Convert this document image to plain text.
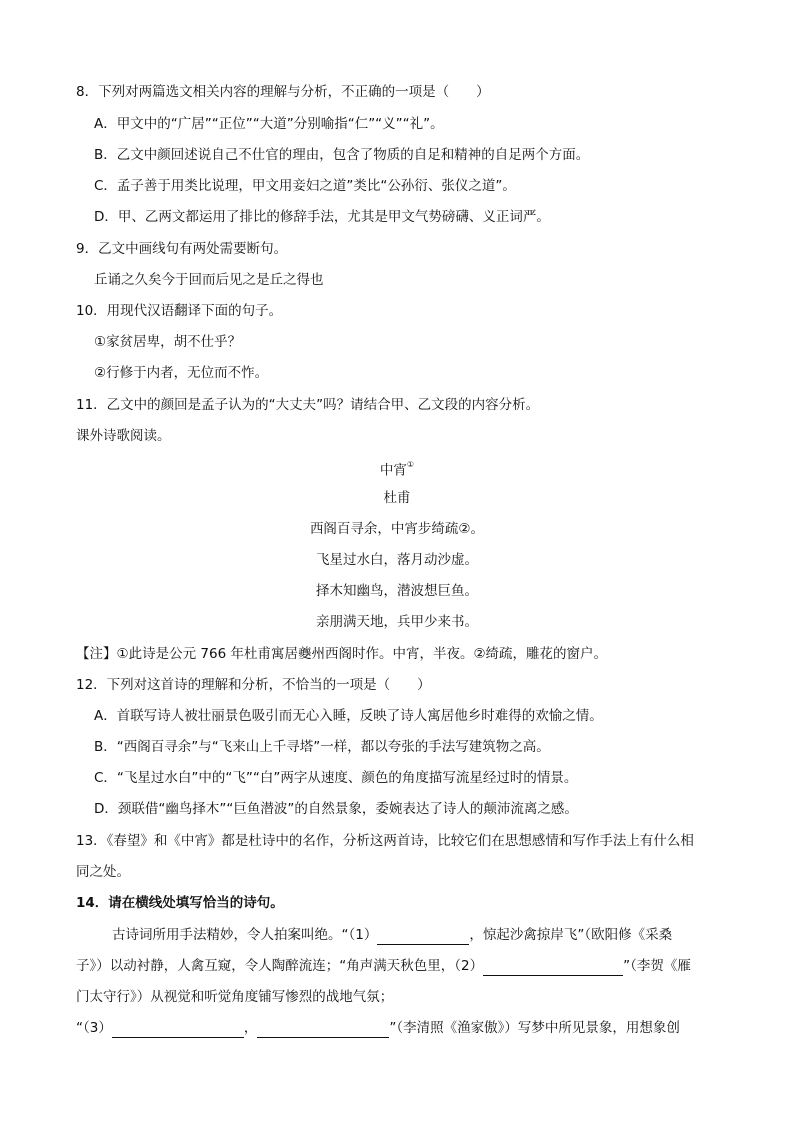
8．下列对两篇选文相关内容的理解与分析，不正确的一项是（　　）
A．甲文中的“广居”“正位”“大道”分别喻指“仁”“义”“礼”。
B．乙文中颜回述说自己不仕官的理由，包含了物质的自足和精神的自足两个方面。
C．孟子善于用类比说理，甲文用妾妇之道”类比“公孙衍、张仪之道”。
D．甲、乙两文都运用了排比的修辞手法，尤其是甲文气势磅礴、义正词严。
9．乙文中画线句有两处需要断句。
丘诵之久矣今于回而后见之是丘之得也
10．用现代汉语翻译下面的句子。
①家贫居卑，胡不仕乎？
②行修于内者，无位而不怍。
11．乙文中的颜回是孟子认为的“大丈夫”吗？请结合甲、乙文段的内容分析。
课外诗歌阅读。
中宵①
杜甫
西阁百寻余，中宵步绮疏②。
飞星过水白，落月动沙虚。
择木知幽鸟，潜波想巨鱼。
亲朋满天地，兵甲少来书。
【注】①此诗是公元 766 年杜甫寓居夔州西阁时作。中宵，半夜。②绮疏，雕花的窗户。
12．下列对这首诗的理解和分析，不恰当的一项是（　　）
A．首联写诗人被壮丽景色吸引而无心入睡，反映了诗人寓居他乡时难得的欢愉之情。
B．“西阁百寻余”与“飞来山上千寻塔”一样，都以夸张的手法写建筑物之高。
C．“飞星过水白”中的“飞”“白”两字从速度、颜色的角度描写流星经过时的情景。
D．颈联借“幽鸟择木”“巨鱼潜波”的自然景象，委婉表达了诗人的颠沛流离之感。
13．《春望》和《中宵》都是杜诗中的名作，分析这两首诗，比较它们在思想感情和写作手法上有什么相
同之处。
14．请在横线处填写恰当的诗句。
古诗词所用手法精妙，令人拍案叫绝。“（1）	，惊起沙禽掠岸飞”（欧阳修《采桑
子》）以动衬静，人禽互窥，令人陶醉流连；“角声满天秋色里，（2）	”（李贺《雁
门太守行》）从视觉和听觉角度铺写惨烈的战地气氛；
“（3）	，	”（李清照《渔家傲》）写梦中所见景象，用想象创
